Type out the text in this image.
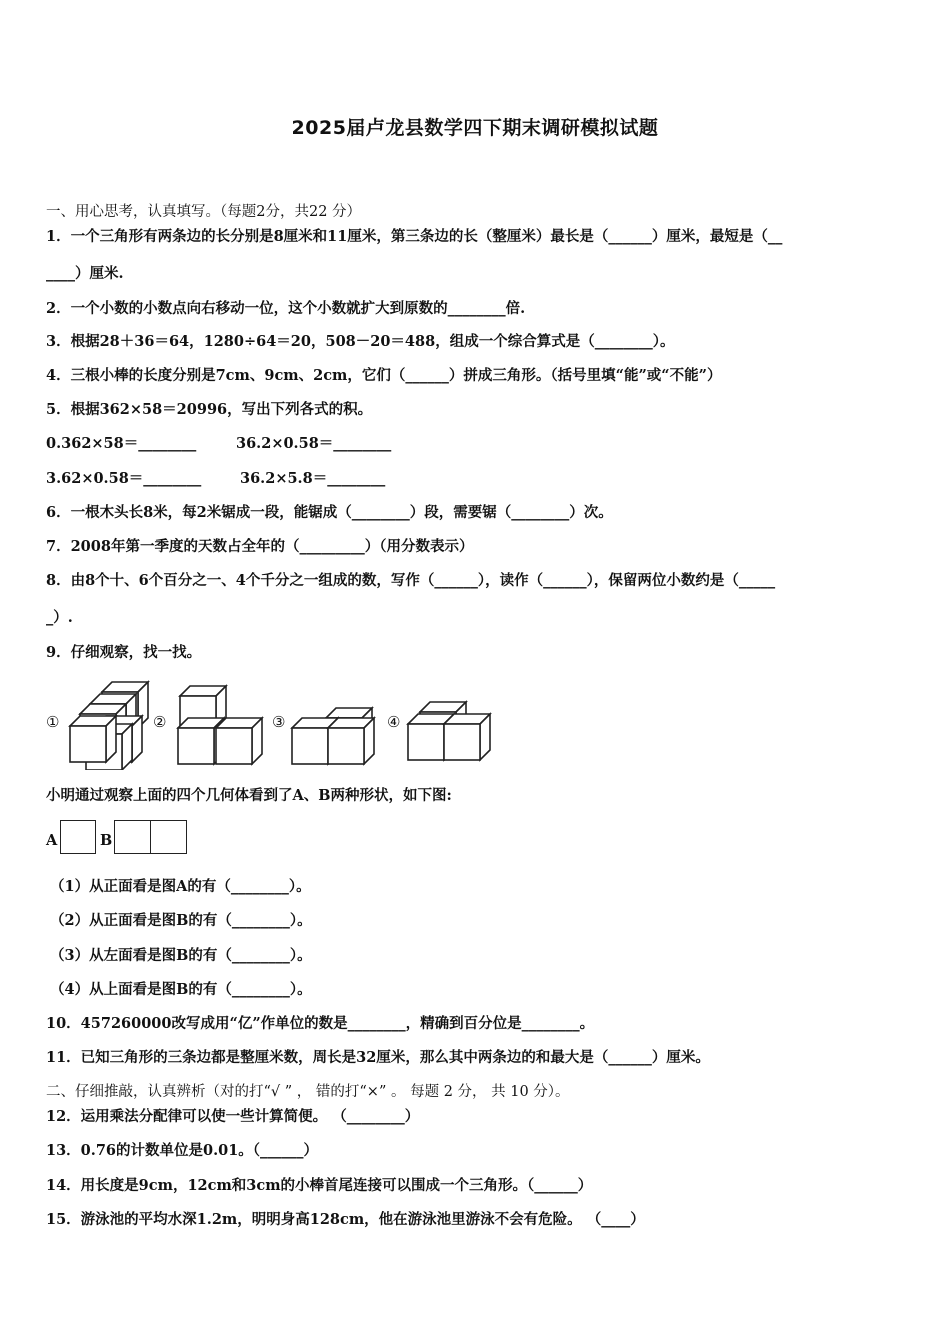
2025届卢龙县数学四下期末调研模拟试题
一、用心思考，认真填写。（每题2分，共22 分）
1．一个三角形有两条边的长分别是8厘米和11厘米，第三条边的长（整厘米）最长是（______）厘米，最短是（__
____）厘米.
2．一个小数的小数点向右移动一位，这个小数就扩大到原数的________倍.
3．根据28＋36＝64，1280÷64＝20，508－20＝488，组成一个综合算式是（________）。
4．三根小棒的长度分别是7cm、9cm、2cm，它们（______）拼成三角形。（括号里填“能”或“不能”）
5．根据362×58＝20996，写出下列各式的积。
0.362×58＝________	36.2×0.58＝________
3.62×0.58＝________	36.2×5.8＝________
6．一根木头长8米，每2米锯成一段，能锯成（________）段，需要锯（________）次。
7．2008年第一季度的天数占全年的（_________）（用分数表示）
8．由8个十、6个百分之一、4个千分之一组成的数，写作（______），读作（______），保留两位小数约是（_____
_）.
9．仔细观察，找一找。
①	②	③	④
小明通过观察上面的四个几何体看到了A、B两种形状，如下图:
A	B
（1）从正面看是图A的有（________）。
（2）从正面看是图B的有（________）。
（3）从左面看是图B的有（________）。
（4）从上面看是图B的有（________）。
10．457260000改写成用“亿”作单位的数是________，精确到百分位是________。
11．已知三角形的三条边都是整厘米数，周长是32厘米，那么其中两条边的和最大是（______）厘米。
二、仔细推敲，认真辨析（对的打“√ ” ， 错的打“×” 。 每题 2 分， 共 10 分）。
12．运用乘法分配律可以使一些计算简便。 （________）
13．0.76的计数单位是0.01。（______）
14．用长度是9cm，12cm和3cm的小棒首尾连接可以围成一个三角形。（______）
15．游泳池的平均水深1.2m，明明身高128cm，他在游泳池里游泳不会有危险。 （____）
